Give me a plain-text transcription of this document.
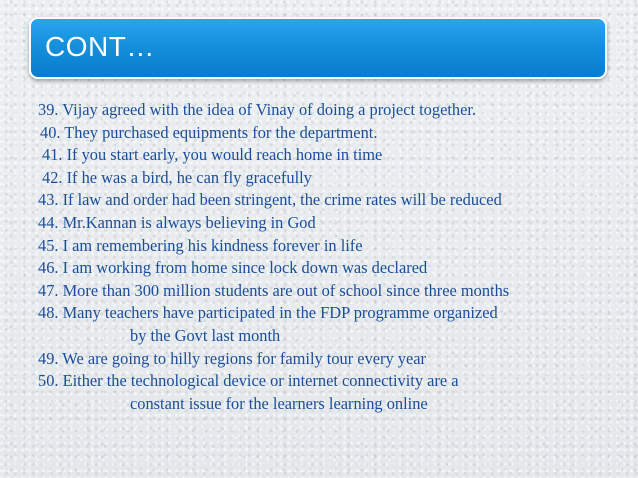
CONT…
39. Vijay agreed with the idea of Vinay of doing a project together.
40. They purchased equipments for the department.
41. If you start early, you would reach home in time
42. If he was a bird, he can fly gracefully
43. If law and order had been stringent, the crime rates will be reduced
44. Mr.Kannan is always believing in God
45. I am remembering his kindness forever in life
46. I am working from home since lock down was declared
47. More than 300 million students are out of school since three months
48. Many teachers have participated in the FDP programme organized
by the Govt last month
49. We are going to hilly regions for family tour every year
50. Either the technological device or internet connectivity are a
constant issue for the learners learning online
